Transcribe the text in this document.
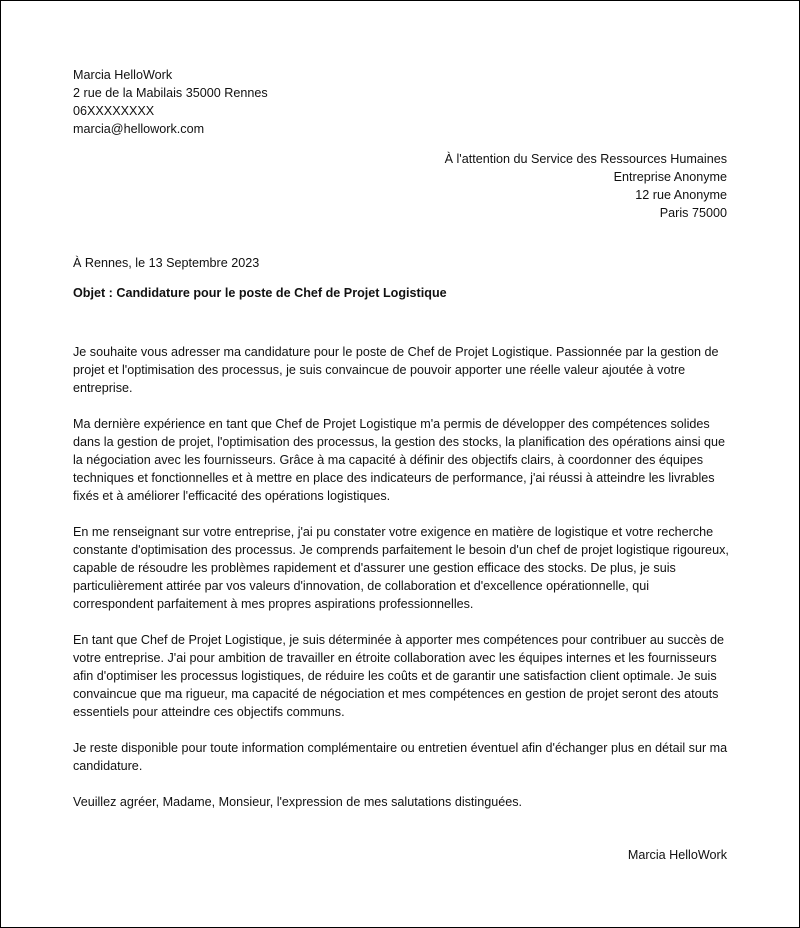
Marcia HelloWork
2 rue de la Mabilais 35000 Rennes
06XXXXXXXX
marcia@hellowork.com
À l'attention du Service des Ressources Humaines
Entreprise Anonyme
12 rue Anonyme
Paris 75000
À Rennes, le 13 Septembre 2023
Objet : Candidature pour le poste de Chef de Projet Logistique

Je souhaite vous adresser ma candidature pour le poste de Chef de Projet Logistique. Passionnée par la gestion de projet et l'optimisation des processus, je suis convaincue de pouvoir apporter une réelle valeur ajoutée à votre entreprise.

Ma dernière expérience en tant que Chef de Projet Logistique m'a permis de développer des compétences solides dans la gestion de projet, l'optimisation des processus, la gestion des stocks, la planification des opérations ainsi que la négociation avec les fournisseurs. Grâce à ma capacité à définir des objectifs clairs, à coordonner des équipes techniques et fonctionnelles et à mettre en place des indicateurs de performance, j'ai réussi à atteindre les livrables fixés et à améliorer l'efficacité des opérations logistiques.

En me renseignant sur votre entreprise, j'ai pu constater votre exigence en matière de logistique et votre recherche constante d'optimisation des processus. Je comprends parfaitement le besoin d'un chef de projet logistique rigoureux, capable de résoudre les problèmes rapidement et d'assurer une gestion efficace des stocks. De plus, je suis particulièrement attirée par vos valeurs d'innovation, de collaboration et d'excellence opérationnelle, qui correspondent parfaitement à mes propres aspirations professionnelles.

En tant que Chef de Projet Logistique, je suis déterminée à apporter mes compétences pour contribuer au succès de votre entreprise. J'ai pour ambition de travailler en étroite collaboration avec les équipes internes et les fournisseurs afin d'optimiser les processus logistiques, de réduire les coûts et de garantir une satisfaction client optimale. Je suis convaincue que ma rigueur, ma capacité de négociation et mes compétences en gestion de projet seront des atouts essentiels pour atteindre ces objectifs communs.

Je reste disponible pour toute information complémentaire ou entretien éventuel afin d'échanger plus en détail sur ma candidature.

Veuillez agréer, Madame, Monsieur, l'expression de mes salutations distinguées.

Marcia HelloWork
